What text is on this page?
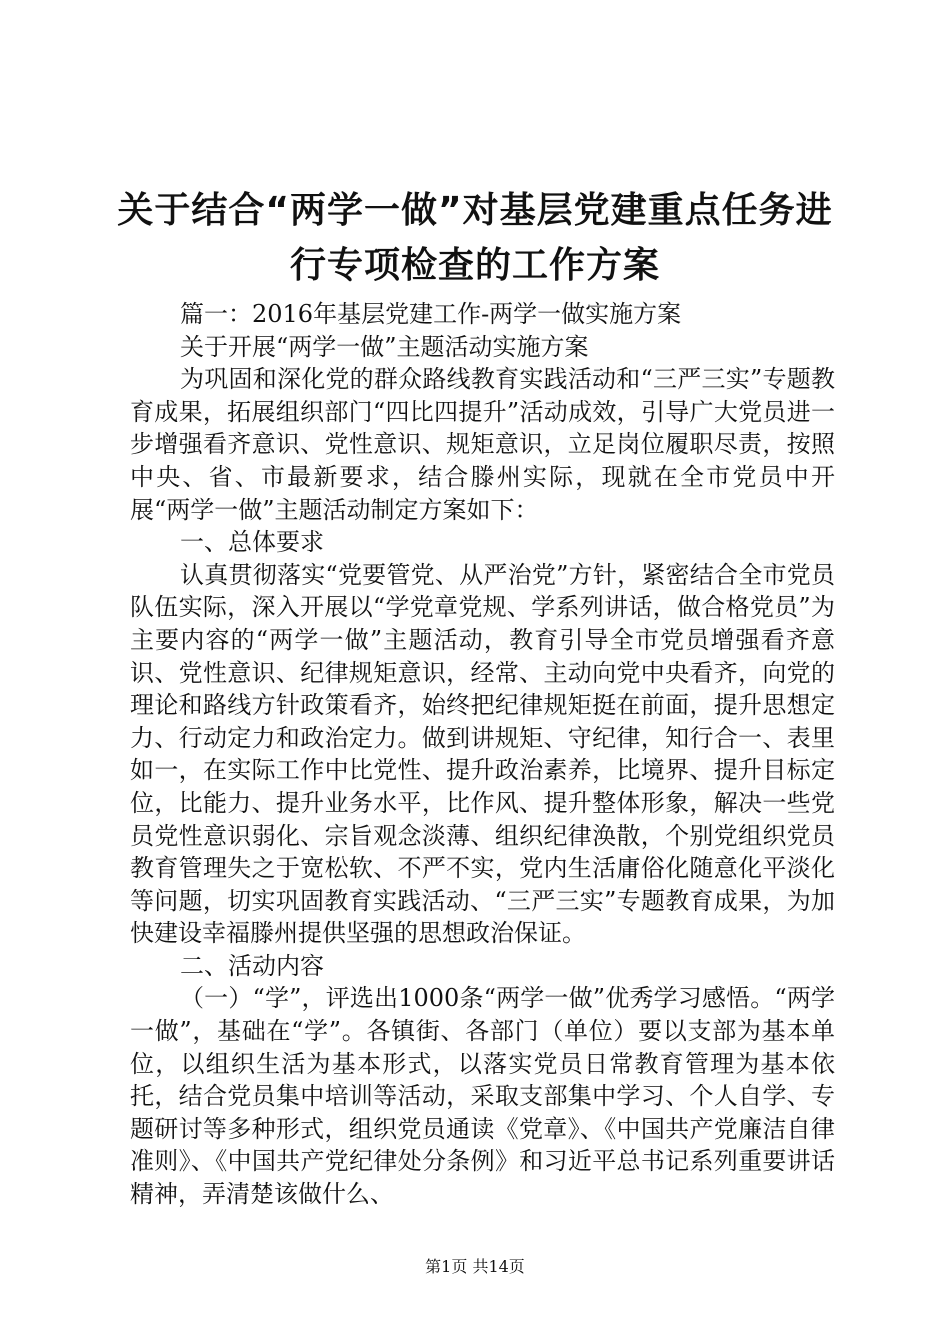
关于结合“两学一做”对基层党建重点任务进
行专项检查的工作方案

篇一：2016年基层党建工作-两学一做实施方案

关于开展“两学一做”主题活动实施方案

为巩固和深化党的群众路线教育实践活动和“三严三实”专题教育成果，拓展组织部门“四比四提升”活动成效，引导广大党员进一步增强看齐意识、党性意识、规矩意识，立足岗位履职尽责，按照中央、省、市最新要求，结合滕州实际，现就在全市党员中开展“两学一做”主题活动制定方案如下：

一、总体要求

认真贯彻落实“党要管党、从严治党”方针，紧密结合全市党员队伍实际，深入开展以“学党章党规、学系列讲话，做合格党员”为主要内容的“两学一做”主题活动，教育引导全市党员增强看齐意识、党性意识、纪律规矩意识，经常、主动向党中央看齐，向党的理论和路线方针政策看齐，始终把纪律规矩挺在前面，提升思想定力、行动定力和政治定力。做到讲规矩、守纪律，知行合一、表里如一，在实际工作中比党性、提升政治素养，比境界、提升目标定位，比能力、提升业务水平，比作风、提升整体形象，解决一些党员党性意识弱化、宗旨观念淡薄、组织纪律涣散，个别党组织党员教育管理失之于宽松软、不严不实，党内生活庸俗化随意化平淡化等问题，切实巩固教育实践活动、“三严三实”专题教育成果，为加快建设幸福滕州提供坚强的思想政治保证。

二、活动内容

（一）“学”，评选出1000条“两学一做”优秀学习感悟。“两学一做”，基础在“学”。各镇街、各部门（单位）要以支部为基本单位，以组织生活为基本形式，以落实党员日常教育管理为基本依托，结合党员集中培训等活动，采取支部集中学习、个人自学、专题研讨等多种形式，组织党员通读《党章》、《中国共产党廉洁自律准则》、《中国共产党纪律处分条例》和习近平总书记系列重要讲话精神，弄清楚该做什么、

第1页 共14页
